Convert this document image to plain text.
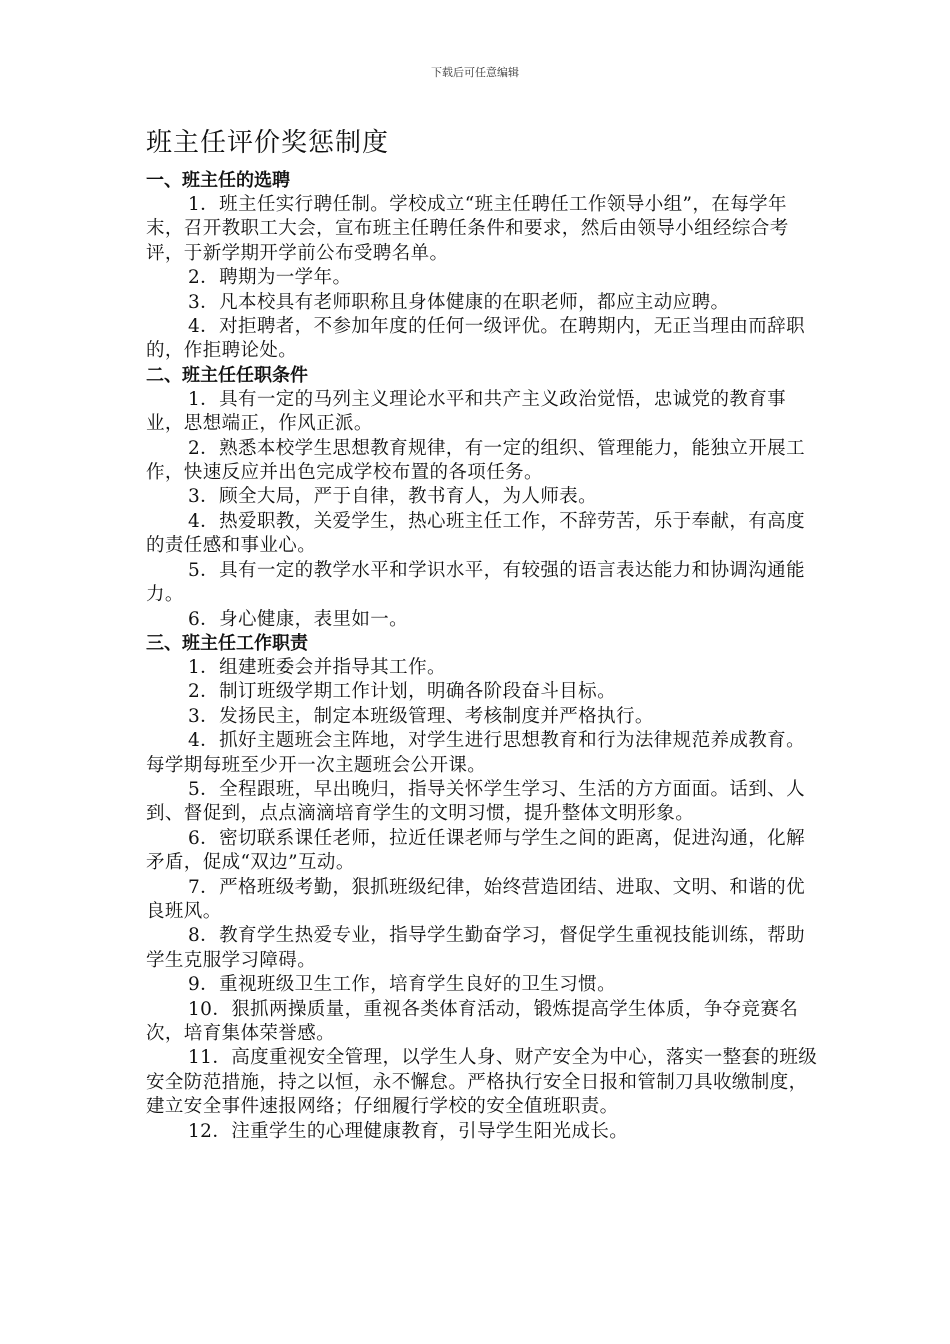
下载后可任意编辑
班主任评价奖惩制度

一、班主任的选聘

1．班主任实行聘任制。学校成立“班主任聘任工作领导小组”，在每学年末，召开教职工大会，宣布班主任聘任条件和要求，然后由领导小组经综合考评，于新学期开学前公布受聘名单。

2．聘期为一学年。

3．凡本校具有老师职称且身体健康的在职老师，都应主动应聘。

4．对拒聘者，不参加年度的任何一级评优。在聘期内，无正当理由而辞职的，作拒聘论处。

二、班主任任职条件

1．具有一定的马列主义理论水平和共产主义政治觉悟，忠诚党的教育事业，思想端正，作风正派。

2．熟悉本校学生思想教育规律，有一定的组织、管理能力，能独立开展工作，快速反应并出色完成学校布置的各项任务。

3．顾全大局，严于自律，教书育人，为人师表。

4．热爱职教，关爱学生，热心班主任工作，不辞劳苦，乐于奉献，有高度的责任感和事业心。

5．具有一定的教学水平和学识水平，有较强的语言表达能力和协调沟通能力。

6．身心健康，表里如一。

三、班主任工作职责

1．组建班委会并指导其工作。

2．制订班级学期工作计划，明确各阶段奋斗目标。

3．发扬民主，制定本班级管理、考核制度并严格执行。

4．抓好主题班会主阵地，对学生进行思想教育和行为法律规范养成教育。每学期每班至少开一次主题班会公开课。

5．全程跟班，早出晚归，指导关怀学生学习、生活的方方面面。话到、人到、督促到，点点滴滴培育学生的文明习惯，提升整体文明形象。

6．密切联系课任老师，拉近任课老师与学生之间的距离，促进沟通，化解矛盾，促成“双边”互动。

7．严格班级考勤，狠抓班级纪律，始终营造团结、进取、文明、和谐的优良班风。

8．教育学生热爱专业，指导学生勤奋学习，督促学生重视技能训练，帮助学生克服学习障碍。

9．重视班级卫生工作，培育学生良好的卫生习惯。

10．狠抓两操质量，重视各类体育活动，锻炼提高学生体质，争夺竞赛名次，培育集体荣誉感。

11．高度重视安全管理，以学生人身、财产安全为中心，落实一整套的班级安全防范措施，持之以恒，永不懈怠。严格执行安全日报和管制刀具收缴制度，建立安全事件速报网络；仔细履行学校的安全值班职责。

12．注重学生的心理健康教育，引导学生阳光成长。
